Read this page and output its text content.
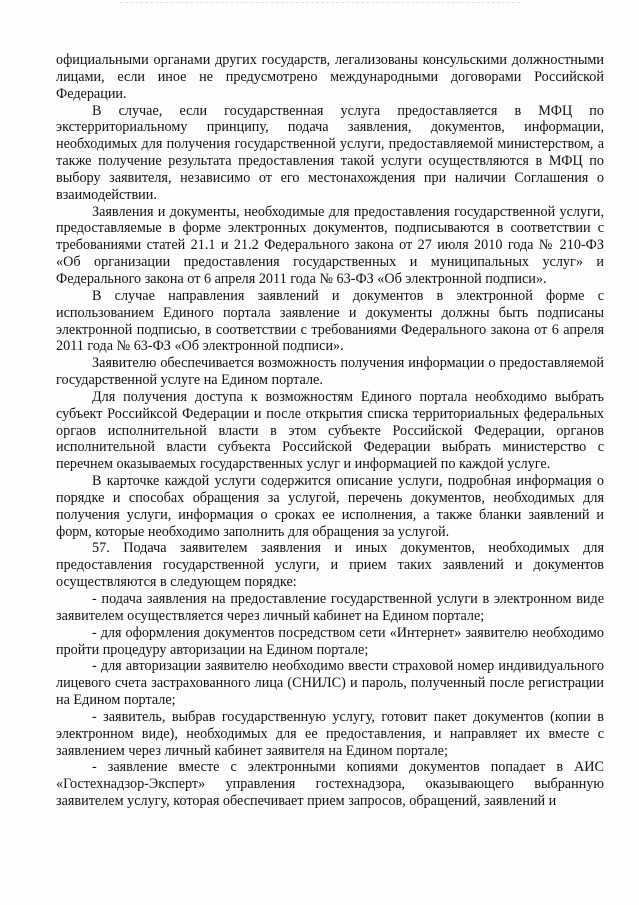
официальными органами других государств, легализованы консульскими должностными лицами, если иное не предусмотрено международными договорами Российской Федерации.

В случае, если государственная услуга предоставляется в МФЦ по экстерриториальному принципу, подача заявления, документов, информации, необходимых для получения государственной услуги, предоставляемой министерством, а также получение результата предоставления такой услуги осуществляются в МФЦ по выбору заявителя, независимо от его местонахождения при наличии Соглашения о взаимодействии.

Заявления и документы, необходимые для предоставления государственной услуги, предоставляемые в форме электронных документов, подписываются в соответствии с требованиями статей 21.1 и 21.2 Федерального закона от 27 июля 2010 года № 210-ФЗ «Об организации предоставления государственных и муниципальных услуг» и Федерального закона от 6 апреля 2011 года № 63-ФЗ «Об электронной подписи».

В случае направления заявлений и документов в электронной форме с использованием Единого портала заявление и документы должны быть подписаны электронной подписью, в соответствии с требованиями Федерального закона от 6 апреля 2011 года № 63-ФЗ «Об электронной подписи».

Заявителю обеспечивается возможность получения информации о предоставляемой государственной услуге на Едином портале.

Для получения доступа к возможностям Единого портала необходимо выбрать субъект Российксой Федерации и после открытия списка территориальных федеральных оргаов исполнительной власти в этом субъекте Российской Федерации, органов исполнительной власти субъекта Российской Федерации выбрать министерство с перечнем оказываемых государственных услуг и информацией по каждой услуге.

В карточке каждой услуги содержится описание услуги, подробная информация о порядке и способах обращения за услугой, перечень документов, необходимых для получения услуги, информация о сроках ее исполнения, а также бланки заявлений и форм, которые необходимо заполнить для обращения за услугой.

57. Подача заявителем заявления и иных документов, необходимых для предоставления государственной услуги, и прием таких заявлений и документов осуществляются в следующем порядке:

- подача заявления на предоставление государственной услуги в электронном виде заявителем осуществляется через личный кабинет на Едином портале;

- для оформления документов посредством сети «Интернет» заявителю необходимо пройти процедуру авторизации на Едином портале;

- для авторизации заявителю необходимо ввести страховой номер индивидуального лицевого счета застрахованного лица (СНИЛС) и пароль, полученный после регистрации на Едином портале;

- заявитель, выбрав государственную услугу, готовит пакет документов (копии в электронном виде), необходимых для ее предоставления, и направляет их вместе с заявлением через личный кабинет заявителя на Едином портале;

- заявление вместе с электронными копиями документов попадает в АИС «Гостехнадзор-Эксперт» управления гостехнадзора, оказывающего выбранную заявителем услугу, которая обеспечивает прием запросов, обращений, заявлений и
